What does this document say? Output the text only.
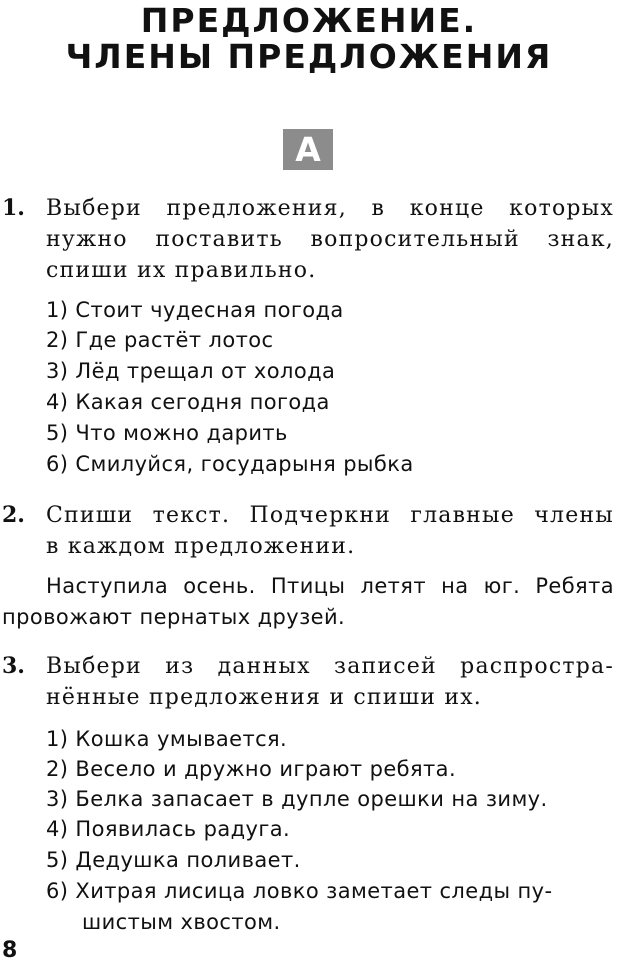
ПРЕДЛОЖЕНИЕ.
ЧЛЕНЫ ПРЕДЛОЖЕНИЯ
А
1. Выбери предложения, в конце которых
нужно поставить вопросительный знак,
спиши их правильно.
1) Стоит чудесная погода
2) Где растёт лотос
3) Лёд трещал от холода
4) Какая сегодня погода
5) Что можно дарить
6) Смилуйся, государыня рыбка
2. Спиши текст. Подчеркни главные члены
в каждом предложении.
Наступила осень. Птицы летят на юг. Ребята
провожают пернатых друзей.
3. Выбери из данных записей распростра-
нённые предложения и спиши их.
1) Кошка умывается.
2) Весело и дружно играют ребята.
3) Белка запасает в дупле орешки на зиму.
4) Появилась радуга.
5) Дедушка поливает.
6) Хитрая лисица ловко заметает следы пу-
шистым хвостом.
8
